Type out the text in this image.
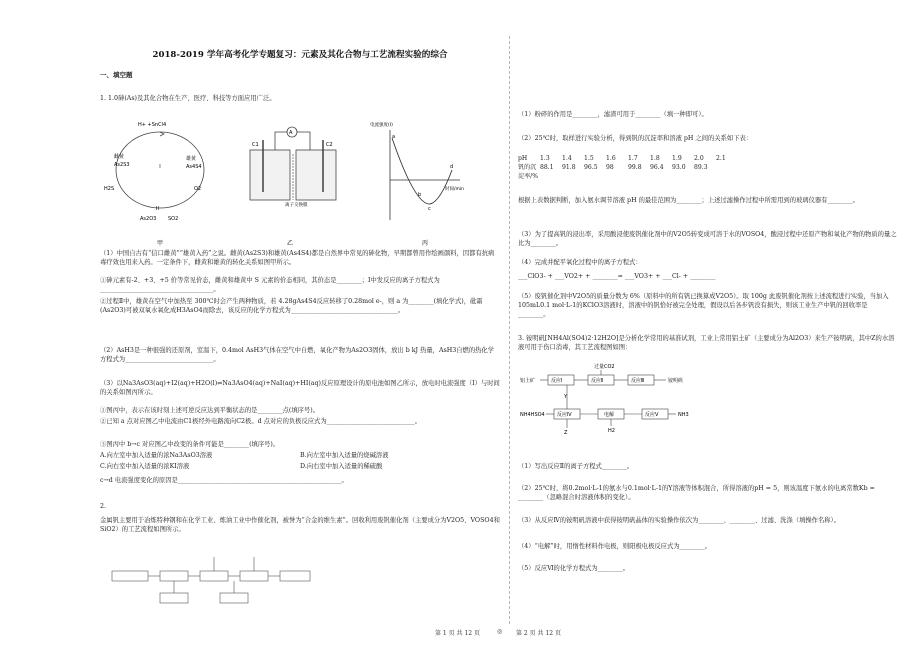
2018-2019 学年高考化学专题复习：元素及其化合物与工艺流程实验的综合
一、填空题

1. 1.0砷(As)及其化合物在生产、医疗、科技等方面应用广泛。

H+ +SnCl4
I
雌黄
As2S3
雄黄
As4S4
H2S	O2
II
As2O3 SO2
甲
A
C1	C2
离子交换膜
乙
a
b
c
d
电流强度(I)
时间/min
丙

（1）中国自古有“信口雌黄”“雄黄入药”之说。雌黄(As2S3)和雄黄(As4S4)都是自然界中常见的砷化物，早期都曾用作绘画颜料，因都有抗病毒疗效也用来入药。一定条件下，雌黄和雄黄的转化关系如图甲所示。

①砷元素有-2、+3、+5 价等常见价态，雌黄和雄黄中 S 元素的价态相同，其价态是________；Ⅰ中发反应的离子方程式为____________________________________。

②过程Ⅱ中，雄黄在空气中加热至 300℃时会产生两种物质，若 4.28gAs4S4反应转移了0.28mol e-，则 a 为________(填化学式)，砒霜(As2O3)可被双氧水氧化成H3AsO4而除去，该反应的化学方程式为__________________________________。

（2）AsH3是一种很强的还原剂，室温下，0.4mol AsH3气体在空气中自燃，氧化产物为As2O3固体，放出 b kJ 热量，AsH3自燃的热化学方程式为____________________________。

（3）以Na3AsO3(aq)+I2(aq)+H2O(l)⇌Na3AsO4(aq)+NaI(aq)+HI(aq)反应原理设计的原电池如图乙所示，放电时电流强度（I）与时间的关系如图丙所示。

①图丙中，表示在该时刻上述可逆反应达到平衡状态的是________点(填序号)。

②已知 a 点对应图乙中电流由C1极经外电路流向C2极。d 点对应的负极反应式为____________________________。

③图丙中 b→c 对应图乙中改变的条件可能是________(填序号)。

A.向左室中加入适量的浓Na3AsO3溶液	B.向左室中加入适量的烧碱溶液

C.向右室中加入适量的浓KI溶液	D.向右室中加入适量的稀硫酸

c→d 电流强度变化的原因是____________________________________________________。

2.

金属钒主要用于冶炼特种钢和在化学工业、炼油工业中作催化剂，被誉为“合金的维生素”。回收利用废钒催化剂（主要成分为V2O5、VOSO4和SiO2）的工艺流程如图所示。

（1）粉碎的作用是________，滤渣可用于________（填一种即可）。

（2）25℃时，取样进行实验分析，得到钒的沉淀率和溶液 pH 之间的关系如下表：

pH	1.3	1.4	1.5	1.6	1.7	1.8	1.9	2.0	2.1
钒的沉淀率/%	88.1	91.8	96.5	98	99.8	96.4	93.0	89.3	

根据上表数据判断，加入氨水调节溶液 pH 的最佳范围为________；上述过滤操作过程中所需用到的玻璃仪器有________。

（3）为了提高钒的浸出率，采用酸浸使废钒催化剂中的V2O5转变成可溶于水的VOSO4，酸浸过程中还原产物和氧化产物的物质的量之比为________。

（4）完成并配平氧化过程中的离子方程式：

___ClO3- + ___VO2+ + ________= ___VO3+ + ___Cl- + ________

（5）废钒催化剂中V2O5的质量分数为 6%（原料中的所有钒已换算成V2O5）。取 100g 此废钒催化剂按上述流程进行实验，当加入 105mL0.1 mol·L-1的KClO3溶液时，溶液中的钒恰好被完全处理，假设以后各步钒没有损失，则该工业生产中钒的回收率是________。

3. 铵明矾[NH4Al(SO4)2·12H2O]是分析化学常用的基准试剂，工业上常用铝土矿（主要成分为Al2O3）来生产铵明矾，其中Z的水溶液可用于伤口消毒，其工艺流程图如图：

铝土矿	反应Ⅰ	反应Ⅱ	反应Ⅲ	铵明矾
过量CO2
NH4HSO4 反应Ⅳ	电解	反应Ⅴ	NH3
H2
Z
Y

（1）写出反应Ⅱ的离子方程式________。

（2）25℃时，将0.2mol·L-1的氨水与0.1mol·L-1的Y溶液等体积混合，所得溶液的pH = 5，则该温度下氨水的电离常数Kb = ________（忽略混合时溶液体积的变化）。

（3）从反应Ⅳ的铵明矾溶液中获得铵明矾晶体的实验操作依次为________、________、过滤、洗涤（填操作名称）。

（4）“电解”时，用惰性材料作电极，则阳极电极反应式为________。

（5）反应Ⅵ的化学方程式为________。

第 1 页 共 12 页	◎ 第 2 页 共 12 页
